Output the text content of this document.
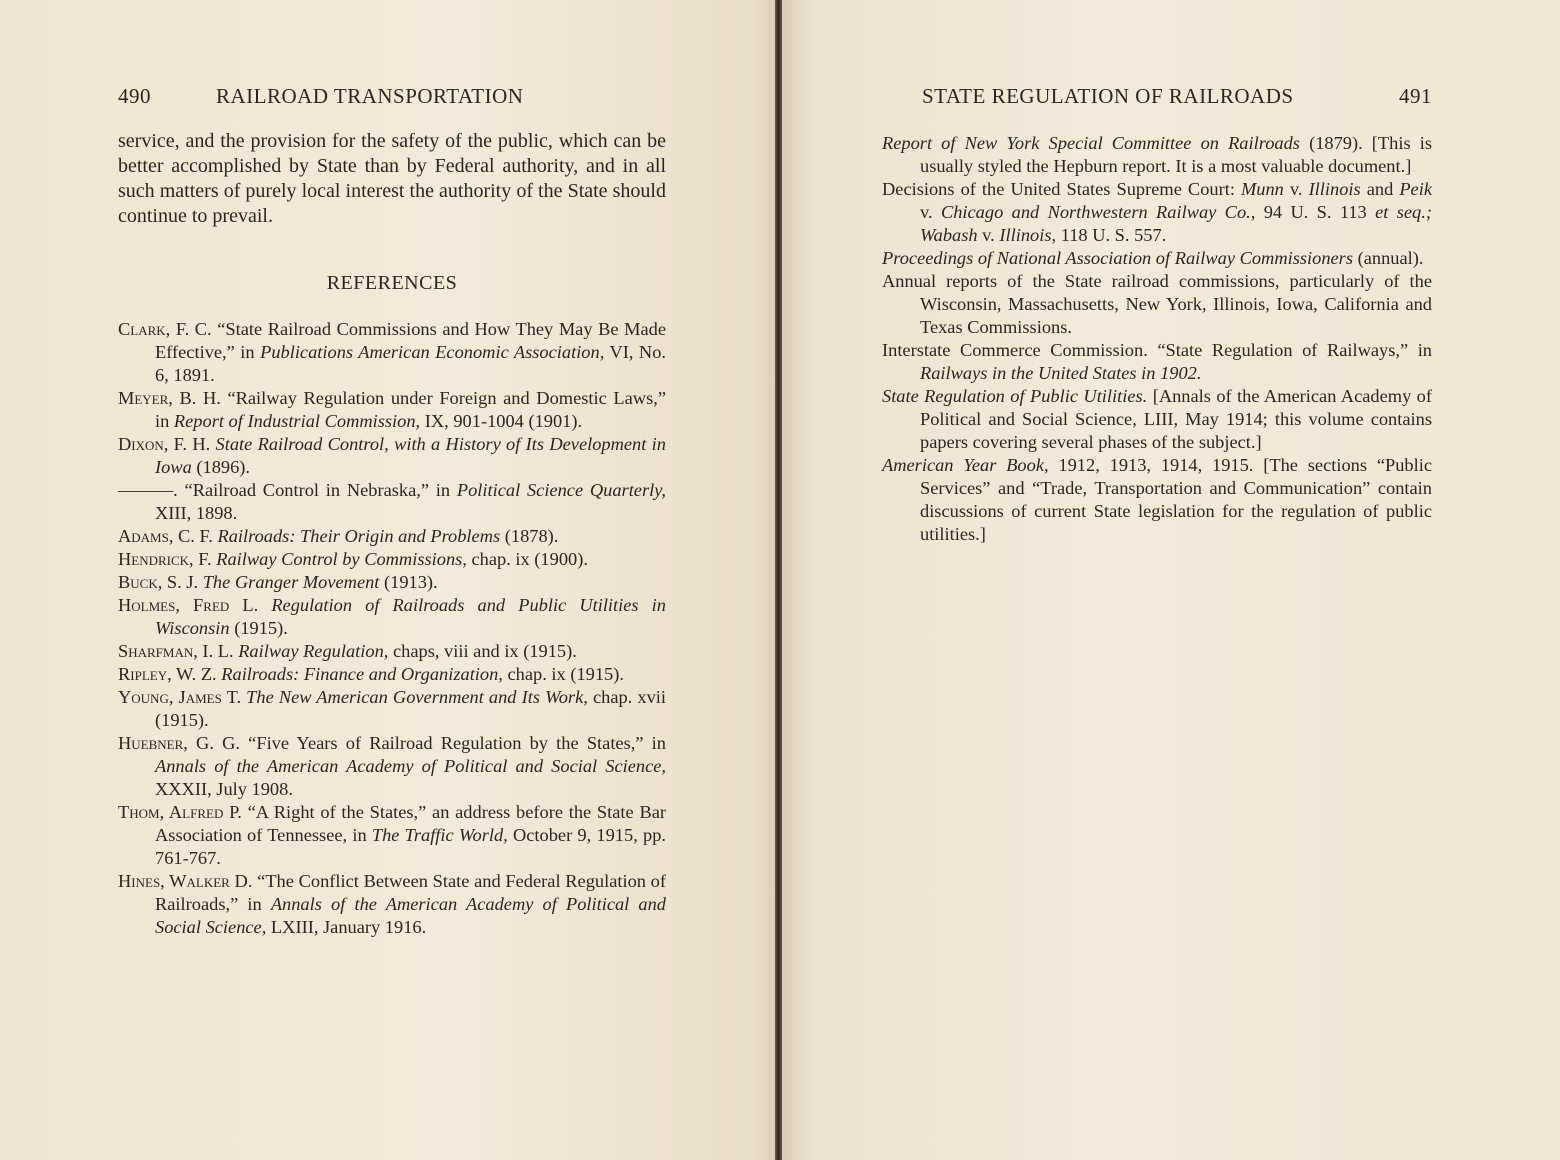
490	RAILROAD TRANSPORTATION
service, and the provision for the safety of the public, which can be better accomplished by State than by Federal authority, and in all such matters of purely local interest the authority of the State should continue to prevail.
REFERENCES

Clark, F. C. “State Railroad Commissions and How They May Be Made Effective,” in Publications American Economic Association, VI, No. 6, 1891.

Meyer, B. H. “Railway Regulation under Foreign and Domestic Laws,” in Report of Industrial Commission, IX, 901-1004 (1901).

Dixon, F. H. State Railroad Control, with a History of Its Development in Iowa (1896).

———. “Railroad Control in Nebraska,” in Political Science Quarterly, XIII, 1898.

Adams, C. F. Railroads: Their Origin and Problems (1878).

Hendrick, F. Railway Control by Commissions, chap. ix (1900).

Buck, S. J. The Granger Movement (1913).

Holmes, Fred L. Regulation of Railroads and Public Utilities in Wisconsin (1915).

Sharfman, I. L. Railway Regulation, chaps, viii and ix (1915).

Ripley, W. Z. Railroads: Finance and Organization, chap. ix (1915).

Young, James T. The New American Government and Its Work, chap. xvii (1915).

Huebner, G. G. “Five Years of Railroad Regulation by the States,” in Annals of the American Academy of Political and Social Science, XXXII, July 1908.

Thom, Alfred P. “A Right of the States,” an address before the State Bar Association of Tennessee, in The Traffic World, October 9, 1915, pp. 761-767.

Hines, Walker D. “The Conflict Between State and Federal Regulation of Railroads,” in Annals of the American Academy of Political and Social Science, LXIII, January 1916.

STATE REGULATION OF RAILROADS	491

Report of New York Special Committee on Railroads (1879). [This is usually styled the Hepburn report. It is a most valuable document.]

Decisions of the United States Supreme Court: Munn v. Illinois and Peik v. Chicago and Northwestern Railway Co., 94 U. S. 113 et seq.; Wabash v. Illinois, 118 U. S. 557.

Proceedings of National Association of Railway Commissioners (annual).

Annual reports of the State railroad commissions, particularly of the Wisconsin, Massachusetts, New York, Illinois, Iowa, California and Texas Commissions.

Interstate Commerce Commission. “State Regulation of Railways,” in Railways in the United States in 1902.

State Regulation of Public Utilities. [Annals of the American Academy of Political and Social Science, LIII, May 1914; this volume contains papers covering several phases of the subject.]

American Year Book, 1912, 1913, 1914, 1915. [The sections “Public Services” and “Trade, Transportation and Communication” contain discussions of current State legislation for the regulation of public utilities.]
